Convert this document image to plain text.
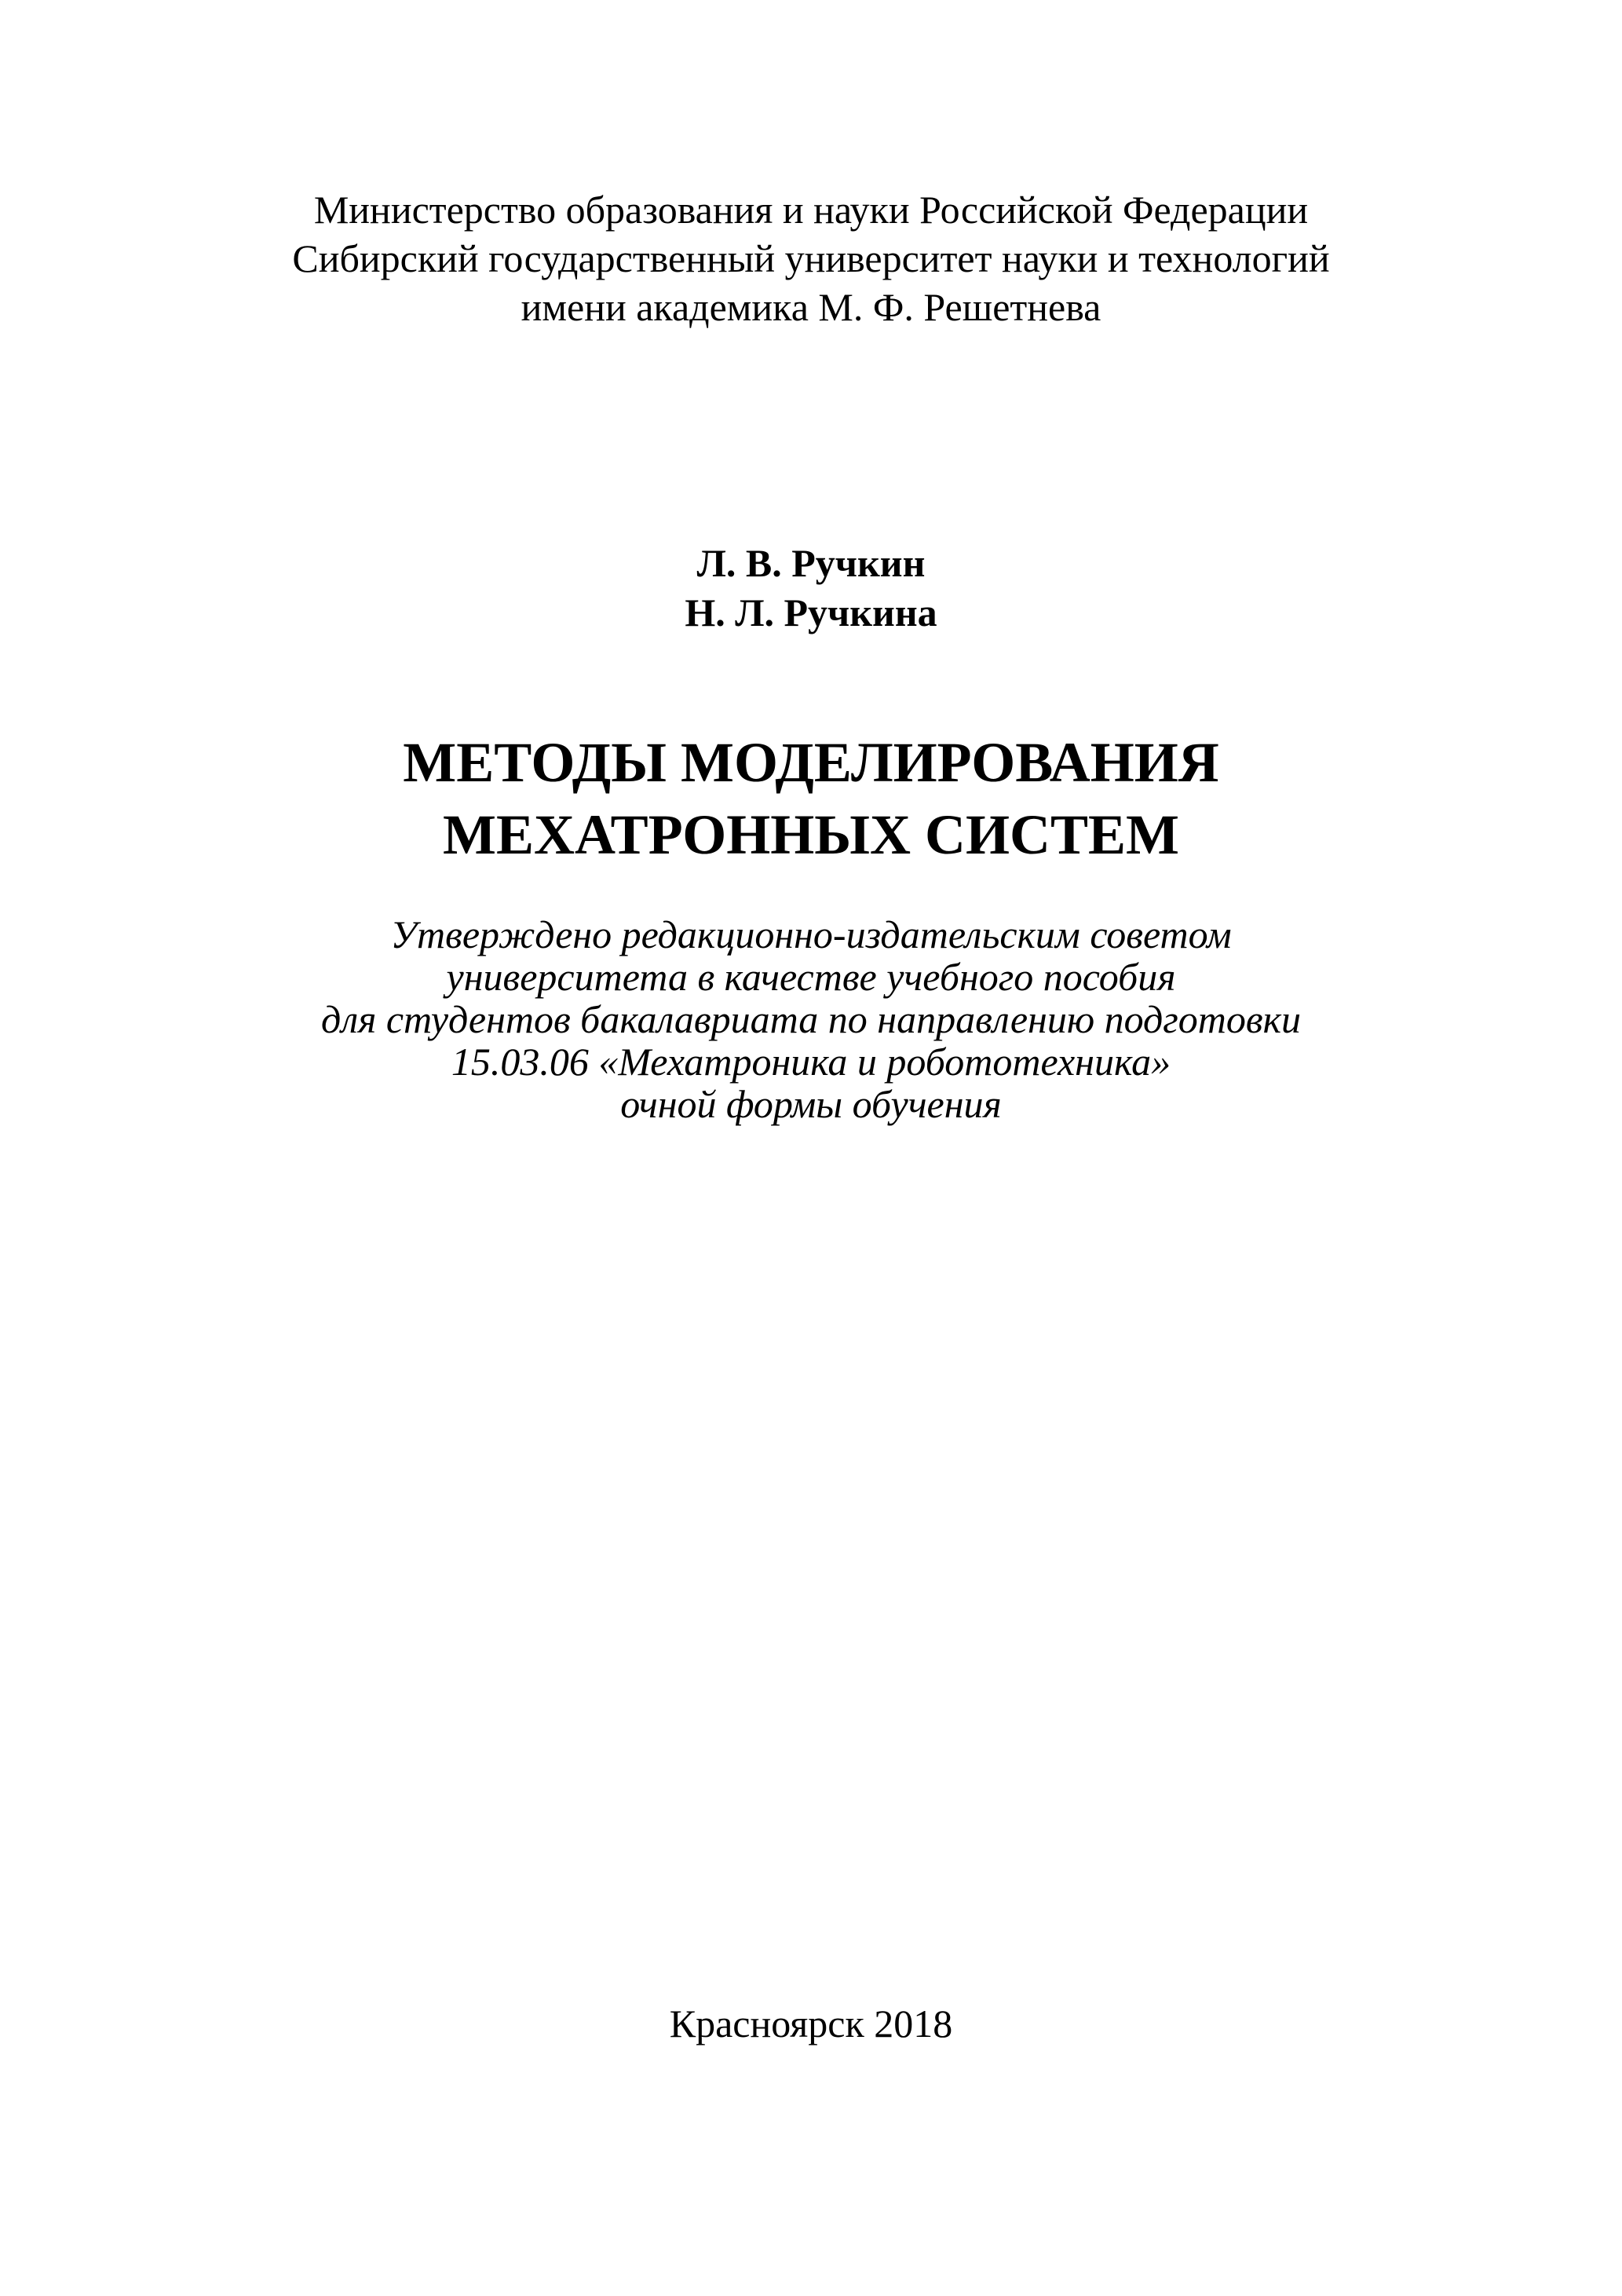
Министерство образования и науки Российской Федерации
Сибирский государственный университет науки и технологий
имени академика М. Ф. Решетнева
Л. В. Ручкин
Н. Л. Ручкина
МЕТОДЫ МОДЕЛИРОВАНИЯ
МЕХАТРОННЫХ СИСТЕМ
Утверждено редакционно-издательским советом
университета в качестве учебного пособия
для студентов бакалавриата по направлению подготовки
15.03.06 «Мехатроника и робототехника»
очной формы обучения
Красноярск 2018
